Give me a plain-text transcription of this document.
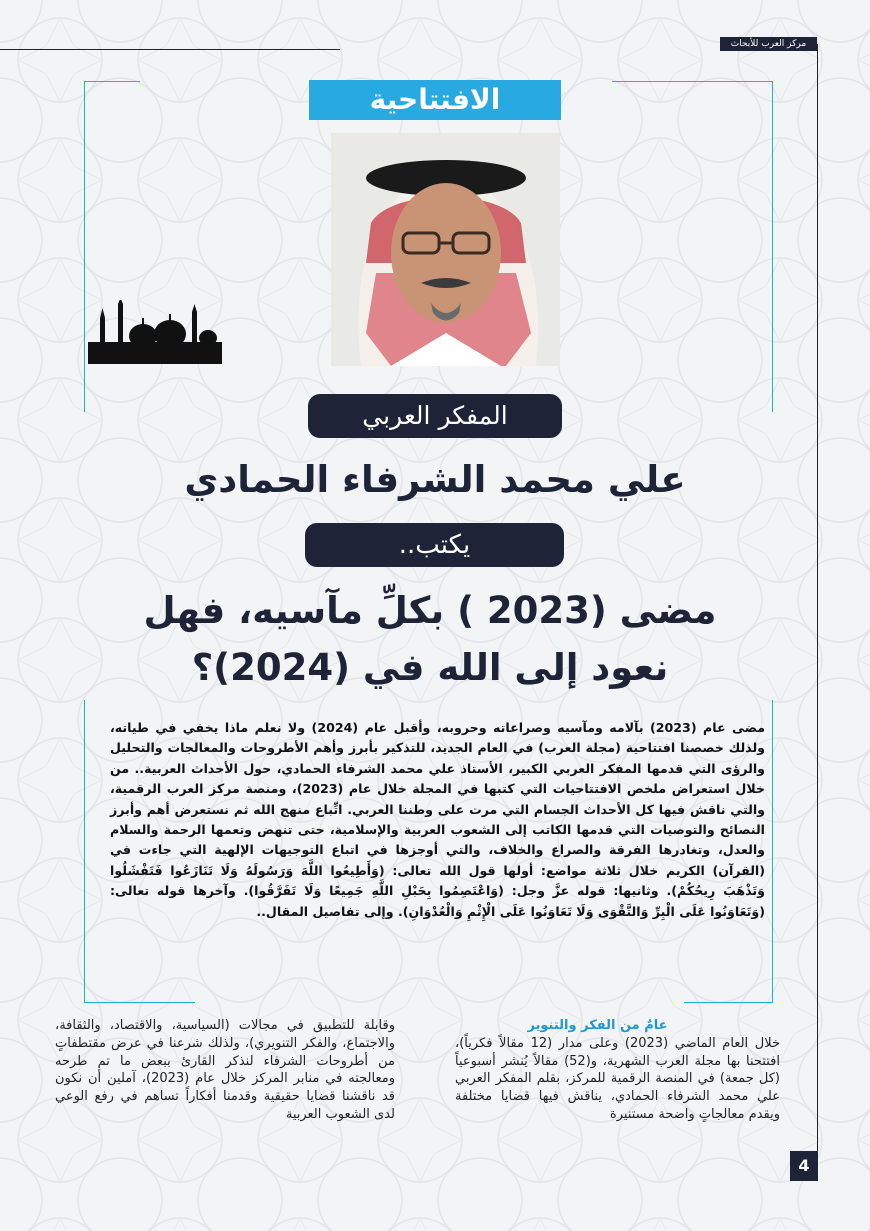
مركز العرب للأبحاث
الافتتاحية
المفكر العربي
علي محمد الشرفاء الحمادي
يكتب..
مضى (2023 ) بكلِّ مآسيه، فهل
نعود إلى الله في (2024)؟
مضى عام (2023) بآلامه ومآسيه وصراعاته وحروبه، وأقبل عام (2024) ولا نعلم ماذا يخفي في طياته، ولذلك خصصنا افتتاحية (مجلة العرب) في العام الجديد، للتذكير بأبرز وأهم الأطروحات والمعالجات والتحليل والرؤى التي قدمها المفكر العربي الكبير، الأستاذ علي محمد الشرفاء الحمادي، حول الأحداث العربية.. من خلال استعراض ملخص الافتتاحيات التي كتبها في المجلة خلال عام (2023)، ومنصة مركز العرب الرقمية، والتي ناقش فيها كل الأحداث الجسام التي مرت على وطننا العربي. اتِّباع منهج الله ثم نستعرض أهم وأبرز النصائح والتوصيات التي قدمها الكاتب إلى الشعوب العربية والإسلامية، حتى تنهض وتعمها الرحمة والسلام والعدل، وتغادرها الفرقة والصراع والخلاف، والتي أوجزها في اتباع التوجيهات الإلهية التي جاءت في (القرآن) الكريم خلال ثلاثة مواضع: أولها قول الله تعالى: (وَأَطِيعُوا اللَّهَ وَرَسُولَهُ وَلَا تَنَازَعُوا فَتَفْشَلُوا وَتَذْهَبَ رِيحُكُمْ). وثانيها: قوله عزَّ وجل: (وَاعْتَصِمُوا بِحَبْلِ اللَّهِ جَمِيعًا وَلَا تَفَرَّقُوا). وآخرها قوله تعالى: (وَتَعَاوَنُوا عَلَى الْبِرِّ وَالتَّقْوَى وَلَا تَعَاوَنُوا عَلَى الْإِثْمِ وَالْعُدْوَانِ). وإلى تفاصيل المقال..
عامٌ من الفكر والتنوير
خلال العام الماضي (2023) وعلى مدار (12 مقالاً فكرياً)، افتتحنا بها مجلة العرب الشهرية، و(52) مقالاً يُنشر أسبوعياً (كل جمعة) في المنصة الرقمية للمركز، بقلم المفكر العربي علي محمد الشرفاء الحمادي، يناقش فيها قضايا مختلفة ويقدم معالجاتٍ واضحة مستنيرة
وقابلة للتطبيق في مجالات (السياسية، والاقتصاد، والثقافة، والاجتماع، والفكر التنويري)، ولذلك شرعنا في عرض مقتطفاتٍ من أطروحات الشرفاء لنذكر القارئ ببعض ما تم طرحه ومعالجته في منابر المركز خلال عام (2023)، آملين أن نكون قد ناقشنا قضايا حقيقية وقدمنا أفكاراً تساهم في رفع الوعي لدى الشعوب العربية
4
